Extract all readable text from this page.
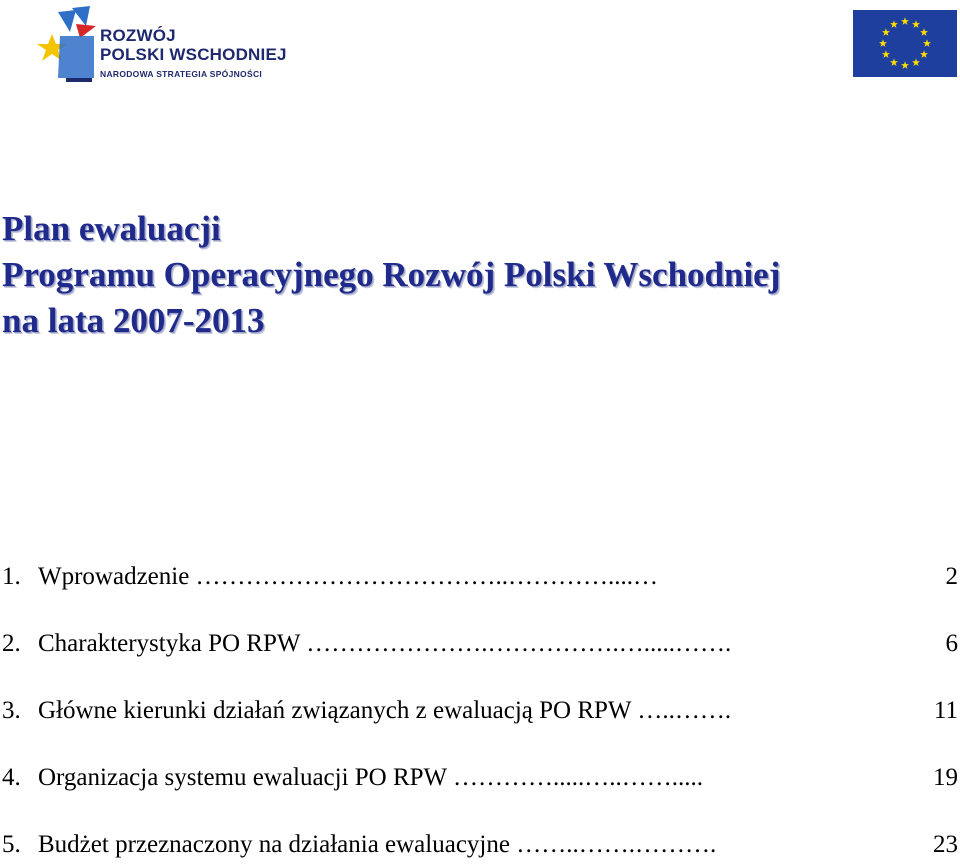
ROZWÓJ
POLSKI WSCHODNIEJ
NARODOWA STRATEGIA SPÓJNOŚCI
Plan ewaluacji
Programu Operacyjnego Rozwój Polski Wschodniej
na lata 2007-2013
1. Wprowadzenie ………………………………..…………....…	2
2. Charakterystyka PO RPW ………………….…………….….....…….	6
3. Główne kierunki działań związanych z ewaluacją PO RPW …..…….	11
4. Organizacja systemu ewaluacji PO RPW ………….....…..…….....	19
5. Budżet przeznaczony na działania ewaluacyjne ……..…….……….	23
